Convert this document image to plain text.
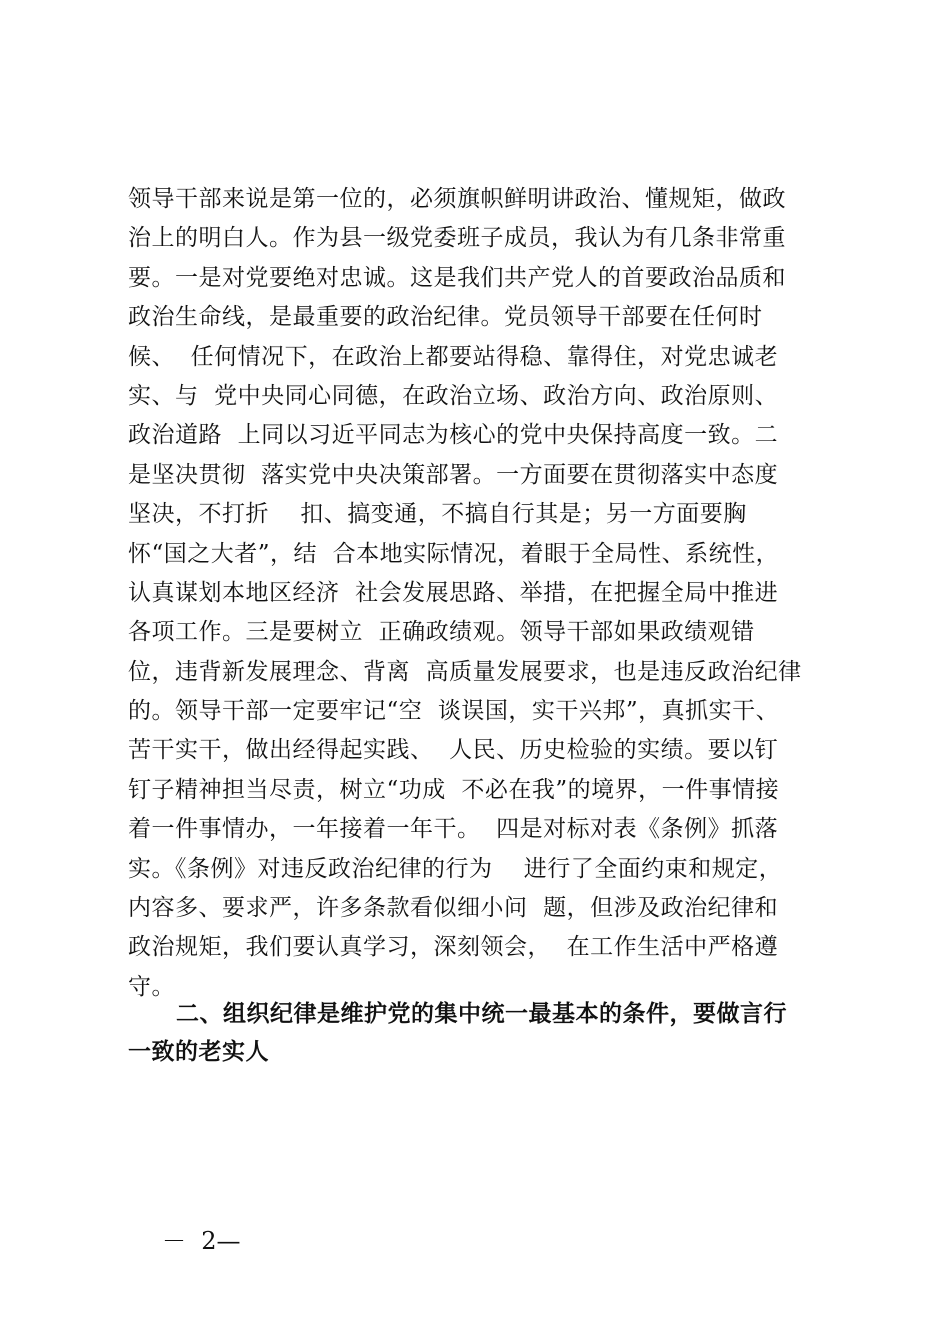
领导干部来说是第一位的，必须旗帜鲜明讲政治、懂规矩，做政
治上的明白人。作为县一级党委班子成员，我认为有几条非常重
要。一是对党要绝对忠诚。这是我们共产党人的首要政治品质和
政治生命线，是最重要的政治纪律。党员领导干部要在任何时
候、  任何情况下，在政治上都要站得稳、靠得住，对党忠诚老
实、与  党中央同心同德，在政治立场、政治方向、政治原则、
政治道路  上同以习近平同志为核心的党中央保持高度一致。二
是坚决贯彻  落实党中央决策部署。一方面要在贯彻落实中态度
坚决，不打折    扣、搞变通，不搞自行其是；另一方面要胸
怀“国之大者”，结  合本地实际情况，着眼于全局性、系统性，
认真谋划本地区经济  社会发展思路、举措，在把握全局中推进
各项工作。三是要树立  正确政绩观。领导干部如果政绩观错
位，违背新发展理念、背离  高质量发展要求，也是违反政治纪律
的。领导干部一定要牢记“空  谈误国，实干兴邦”，真抓实干、
苦干实干，做出经得起实践、  人民、历史检验的实绩。要以钉
钉子精神担当尽责，树立“功成  不必在我”的境界，一件事情接
着一件事情办，一年接着一年干。  四是对标对表《条例》抓落
实。《条例》对违反政治纪律的行为    进行了全面约束和规定，
内容多、要求严，许多条款看似细小问  题，但涉及政治纪律和
政治规矩，我们要认真学习，深刻领会，  在工作生活中严格遵
守。
二、组织纪律是维护党的集中统一最基本的条件，要做言行
一致的老实人
－  2—
